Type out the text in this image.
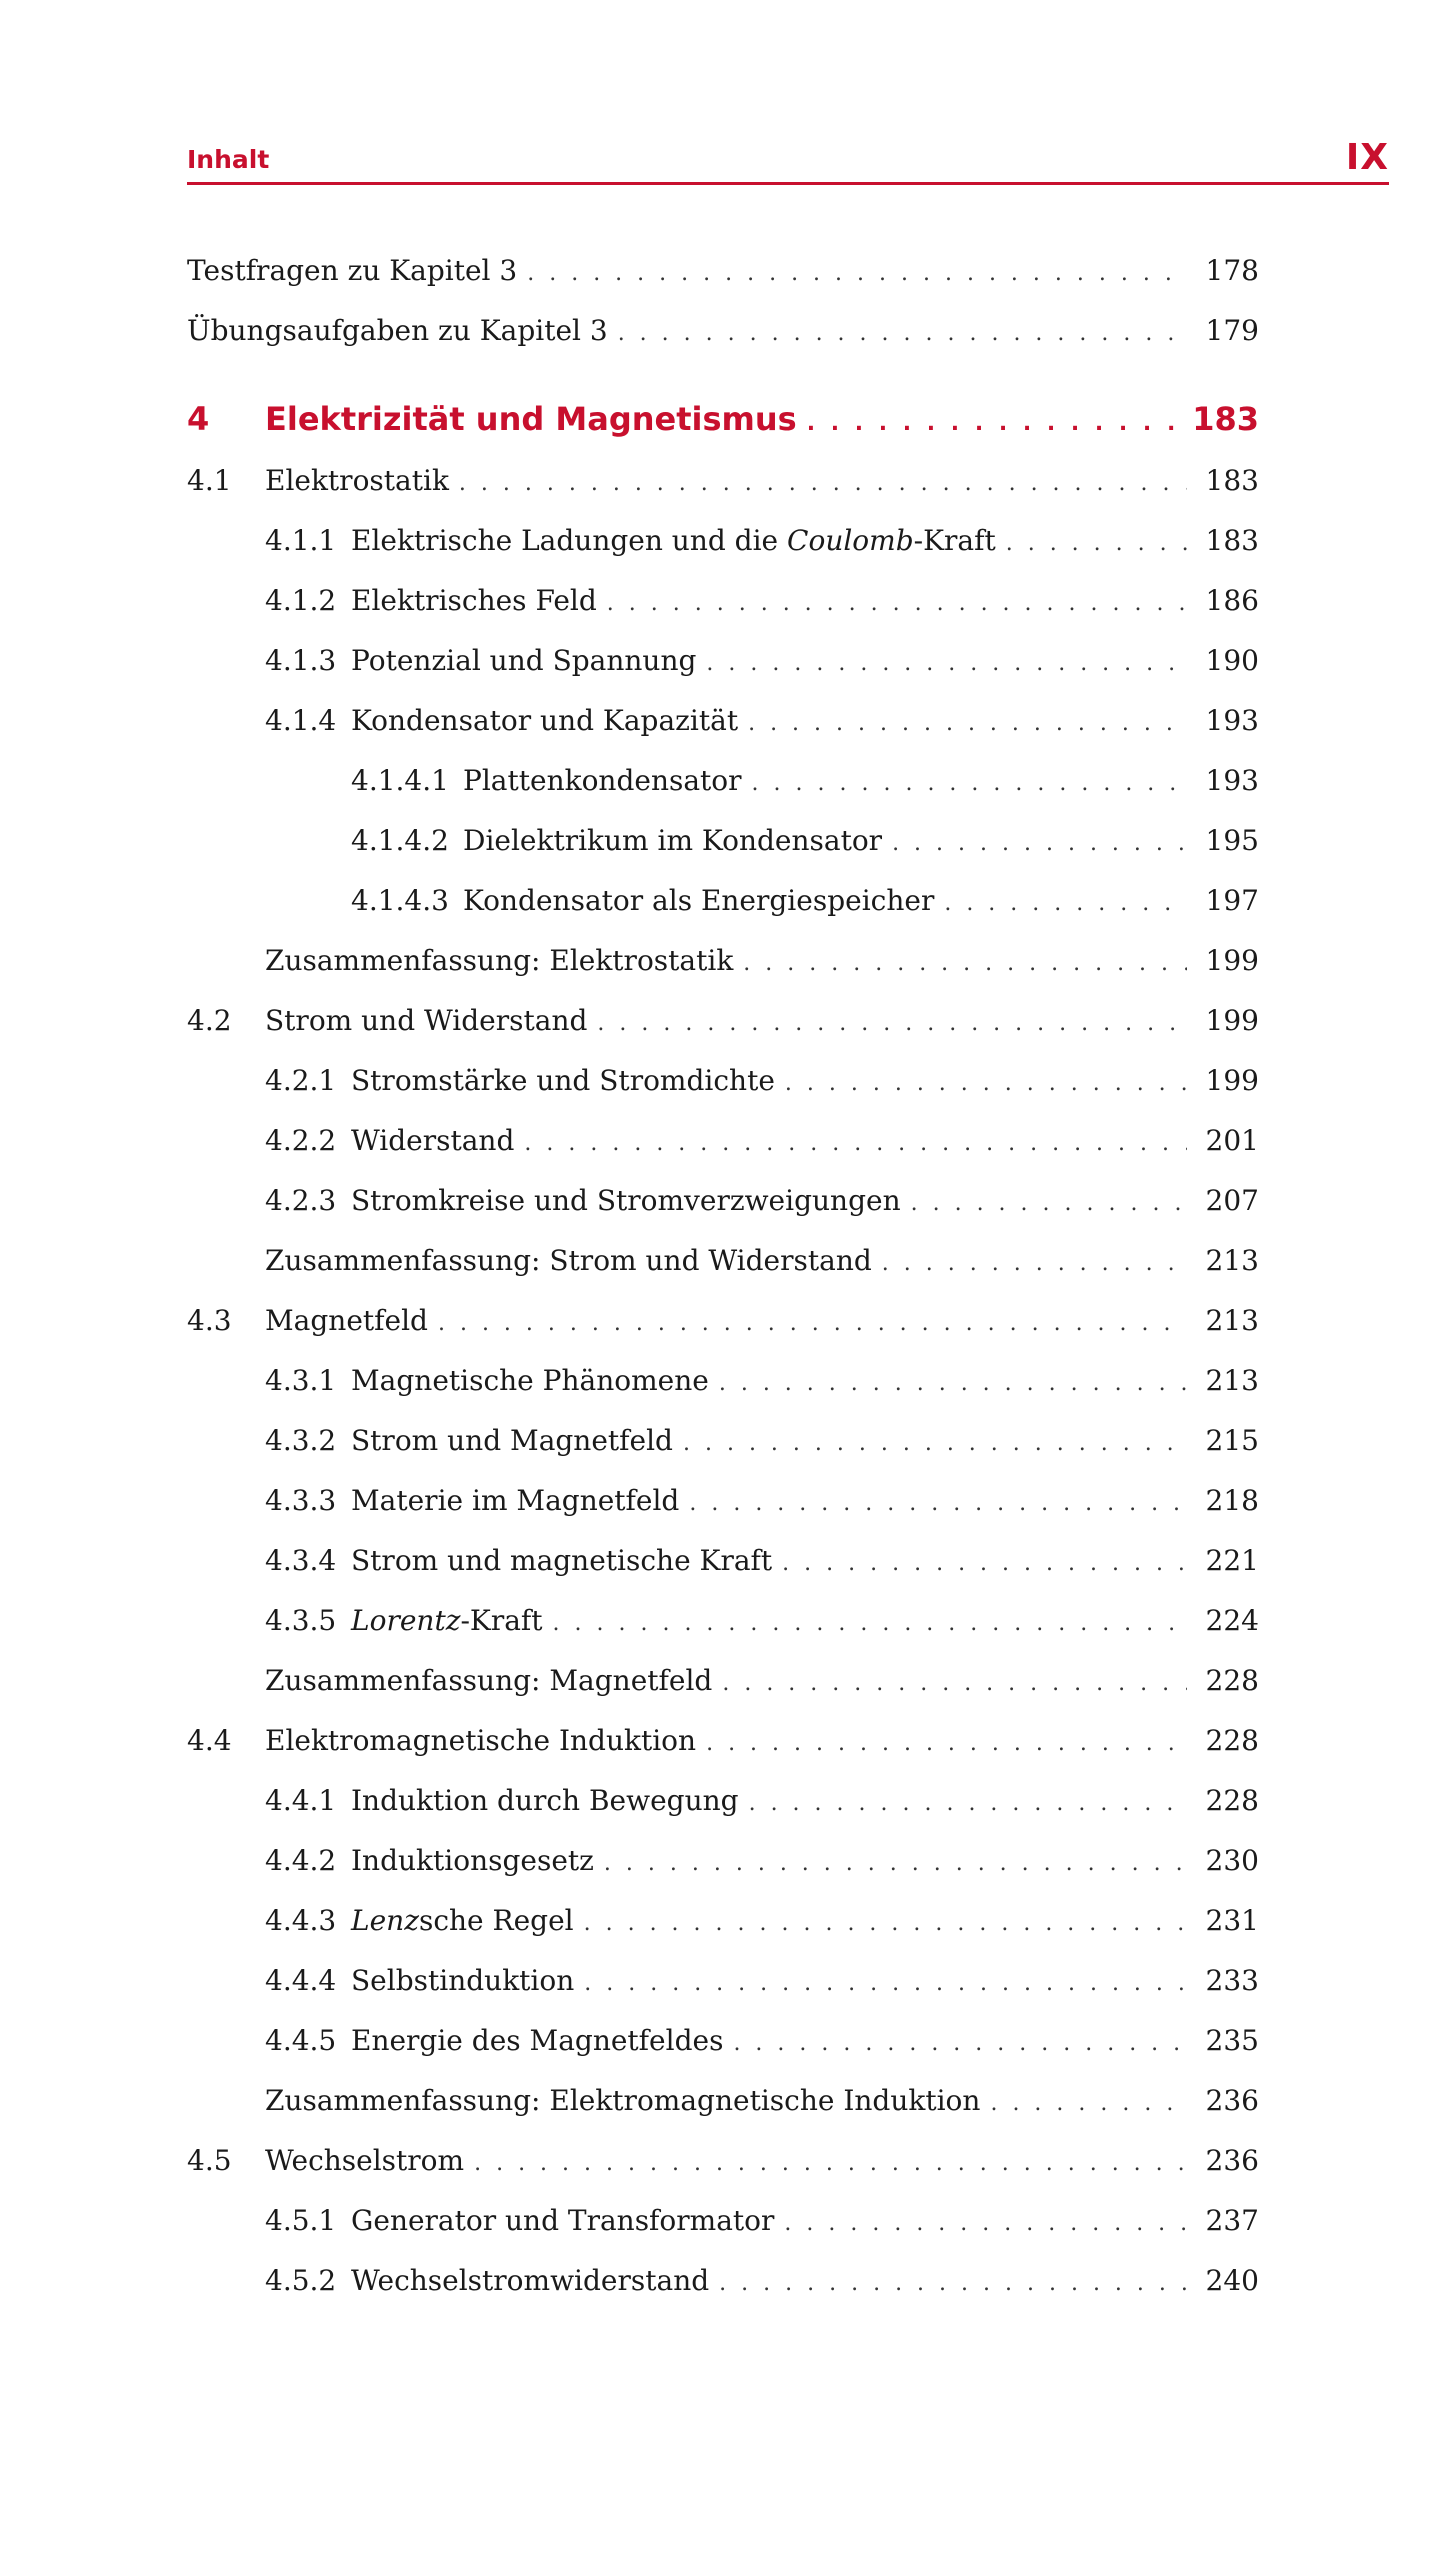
Inhalt	IX
Testfragen zu Kapitel 3 . . .	178
Übungsaufgaben zu Kapitel 3 . . .	179
4	Elektrizität und Magnetismus . . .	183
4.1	Elektrostatik . . .	183
4.1.1 Elektrische Ladungen und die Coulomb-Kraft . . .	183
4.1.2 Elektrisches Feld . . .	186
4.1.3 Potenzial und Spannung . . .	190
4.1.4 Kondensator und Kapazität . . .	193
4.1.4.1 Plattenkondensator . . .	193
4.1.4.2 Dielektrikum im Kondensator . . .	195
4.1.4.3 Kondensator als Energiespeicher . . .	197
Zusammenfassung: Elektrostatik . . .	199
4.2	Strom und Widerstand . . .	199
4.2.1 Stromstärke und Stromdichte . . .	199
4.2.2 Widerstand . . .	201
4.2.3 Stromkreise und Stromverzweigungen . . .	207
Zusammenfassung: Strom und Widerstand . . .	213
4.3	Magnetfeld . . .	213
4.3.1 Magnetische Phänomene . . .	213
4.3.2 Strom und Magnetfeld . . .	215
4.3.3 Materie im Magnetfeld . . .	218
4.3.4 Strom und magnetische Kraft . . .	221
4.3.5 Lorentz-Kraft . . .	224
Zusammenfassung: Magnetfeld . . .	228
4.4	Elektromagnetische Induktion . . .	228
4.4.1 Induktion durch Bewegung . . .	228
4.4.2 Induktionsgesetz . . .	230
4.4.3 Lenzsche Regel . . .	231
4.4.4 Selbstinduktion . . .	233
4.4.5 Energie des Magnetfeldes . . .	235
Zusammenfassung: Elektromagnetische Induktion . . .	236
4.5	Wechselstrom . . .	236
4.5.1 Generator und Transformator . . .	237
4.5.2 Wechselstromwiderstand . . .	240
